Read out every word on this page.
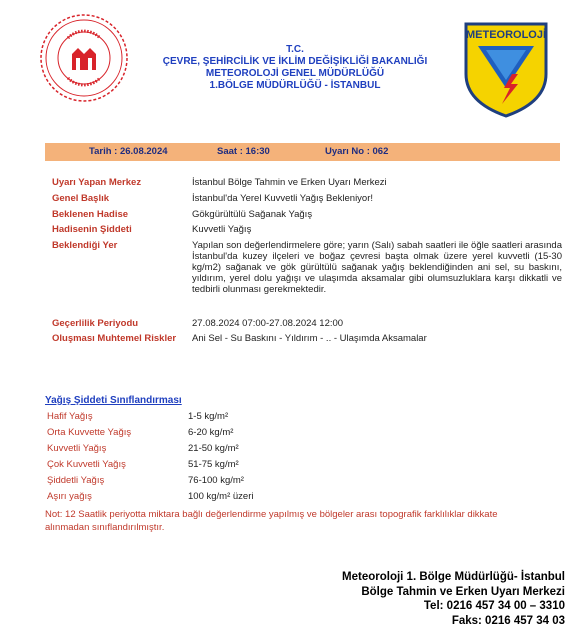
T.C.
ÇEVRE, ŞEHİRCİLİK VE İKLİM DEĞİŞİKLİĞİ BAKANLIĞI
METEOROLOJİ GENEL MÜDÜRLÜĞÜ
1.BÖLGE MÜDÜRLÜĞÜ - İSTANBUL
METEOROLOJİ
Tarih : 26.08.2024	Saat : 16:30	Uyarı No : 062
Uyarı Yapan Merkez	İstanbul Bölge Tahmin ve Erken Uyarı Merkezi
Genel Başlık	İstanbul'da Yerel Kuvvetli Yağış Bekleniyor!
Beklenen Hadise	Gökgürültülü Sağanak Yağış
Hadisenin Şiddeti	Kuvvetli Yağış
Beklendiği Yer	Yapılan son değerlendirmelere göre; yarın (Salı) sabah saatleri ile öğle saatleri arasında İstanbul'da kuzey ilçeleri ve boğaz çevresi başta olmak üzere yerel kuvvetli (15-30 kg/m2) sağanak ve gök gürültülü sağanak yağış beklendiğinden ani sel, su baskını, yıldırım, yerel dolu yağışı ve ulaşımda aksamalar gibi olumsuzluklara karşı dikkatli ve tedbirli olunması gerekmektedir.
Geçerlilik Periyodu	27.08.2024 07:00-27.08.2024 12:00
Oluşması Muhtemel Riskler	Ani Sel - Su Baskını - Yıldırım - .. - Ulaşımda Aksamalar
Yağış Şiddeti Sınıflandırması
Hafif Yağış	1-5 kg/m²
Orta Kuvvette Yağış	6-20 kg/m²
Kuvvetli Yağış	21-50 kg/m²
Çok Kuvvetli Yağış	51-75 kg/m²
Şiddetli Yağış	76-100 kg/m²
Aşırı yağış	100 kg/m² üzeri
Not: 12 Saatlik periyotta miktara bağlı değerlendirme yapılmış ve bölgeler arası topografik farklılıklar dikkate alınmadan sınıflandırılmıştır.
Meteoroloji 1. Bölge Müdürlüğü- İstanbul
Bölge Tahmin ve Erken Uyarı Merkezi
Tel: 0216 457 34 00 – 3310
Faks: 0216 457 34 03
